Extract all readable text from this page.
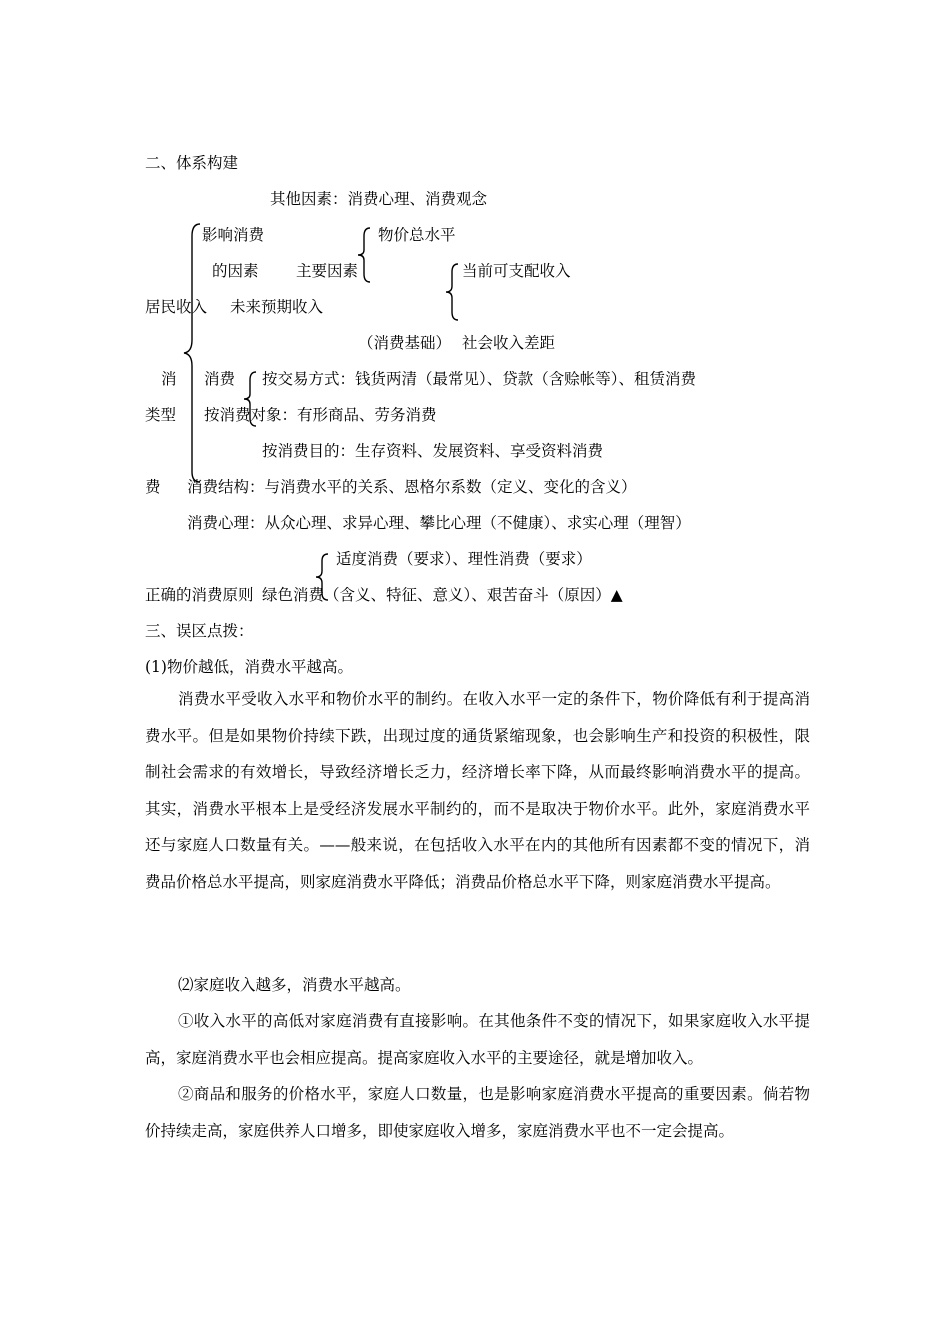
二、体系构建
其他因素：消费心理、消费观念
影响消费
的因素 主要因素
物价总水平
当前可支配收入
居民收入 未来预期收入
（消费基础） 社会收入差距
消 消费 按交易方式：钱货两清（最常见）、贷款（含赊帐等）、租赁消费
类型 按消费对象：有形商品、劳务消费
按消费目的：生存资料、发展资料、享受资料消费
费 消费结构：与消费水平的关系、恩格尔系数（定义、变化的含义）
消费心理：从众心理、求异心理、攀比心理（不健康）、求实心理（理智）
适度消费（要求）、理性消费（要求）
正确的消费原则 绿色消费（含义、特征、意义）、艰苦奋斗（原因）▲
三、误区点拨：
(1)物价越低，消费水平越高。
消费水平受收入水平和物价水平的制约。在收入水平一定的条件下，物价降低有利于提高消费水平。但是如果物价持续下跌，出现过度的通货紧缩现象，也会影响生产和投资的积极性，限制社会需求的有效增长，导致经济增长乏力，经济增长率下降，从而最终影响消费水平的提高。其实，消费水平根本上是受经济发展水平制约的，而不是取决于物价水平。此外，家庭消费水平还与家庭人口数量有关。——般来说，在包括收入水平在内的其他所有因素都不变的情况下，消费品价格总水平提高，则家庭消费水平降低；消费品价格总水平下降，则家庭消费水平提高。
⑵家庭收入越多，消费水平越高。
①收入水平的高低对家庭消费有直接影响。在其他条件不变的情况下，如果家庭收入水平提高，家庭消费水平也会相应提高。提高家庭收入水平的主要途径，就是增加收入。
②商品和服务的价格水平，家庭人口数量，也是影响家庭消费水平提高的重要因素。倘若物价持续走高，家庭供养人口增多，即使家庭收入增多，家庭消费水平也不一定会提高。
